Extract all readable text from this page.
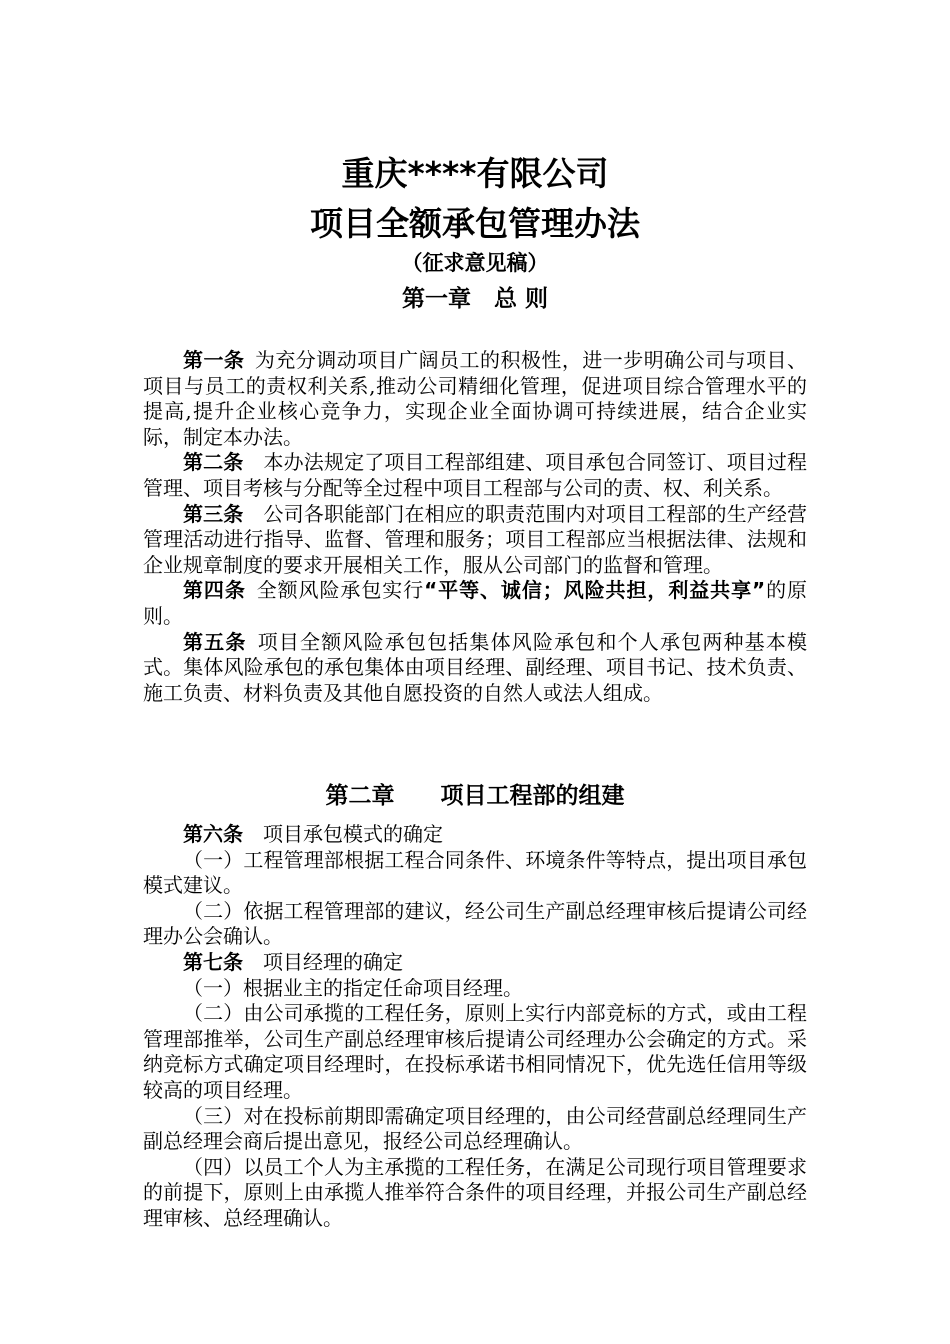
重庆****有限公司
项目全额承包管理办法
（征求意见稿）
第一章　总 则

第一条 为充分调动项目广阔员工的积极性，进一步明确公司与项目、项目与员工的责权利关系,推动公司精细化管理，促进项目综合管理水平的提高,提升企业核心竞争力，实现企业全面协调可持续进展，结合企业实际，制定本办法。

第二条 本办法规定了项目工程部组建、项目承包合同签订、项目过程管理、项目考核与分配等全过程中项目工程部与公司的责、权、利关系。

第三条 公司各职能部门在相应的职责范围内对项目工程部的生产经营管理活动进行指导、监督、管理和服务；项目工程部应当根据法律、法规和企业规章制度的要求开展相关工作，服从公司部门的监督和管理。

第四条 全额风险承包实行“平等、诚信；风险共担，利益共享”的原则。

第五条 项目全额风险承包包括集体风险承包和个人承包两种基本模式。集体风险承包的承包集体由项目经理、副经理、项目书记、技术负责、施工负责、材料负责及其他自愿投资的自然人或法人组成。

第二章　　项目工程部的组建

第六条 项目承包模式的确定

（一）工程管理部根据工程合同条件、环境条件等特点，提出项目承包模式建议。

（二）依据工程管理部的建议，经公司生产副总经理审核后提请公司经理办公会确认。

第七条 项目经理的确定

（一）根据业主的指定任命项目经理。

（二）由公司承揽的工程任务，原则上实行内部竞标的方式，或由工程管理部推举，公司生产副总经理审核后提请公司经理办公会确定的方式。采纳竞标方式确定项目经理时，在投标承诺书相同情况下，优先选任信用等级较高的项目经理。

（三）对在投标前期即需确定项目经理的，由公司经营副总经理同生产副总经理会商后提出意见，报经公司总经理确认。

（四）以员工个人为主承揽的工程任务，在满足公司现行项目管理要求的前提下，原则上由承揽人推举符合条件的项目经理，并报公司生产副总经理审核、总经理确认。
